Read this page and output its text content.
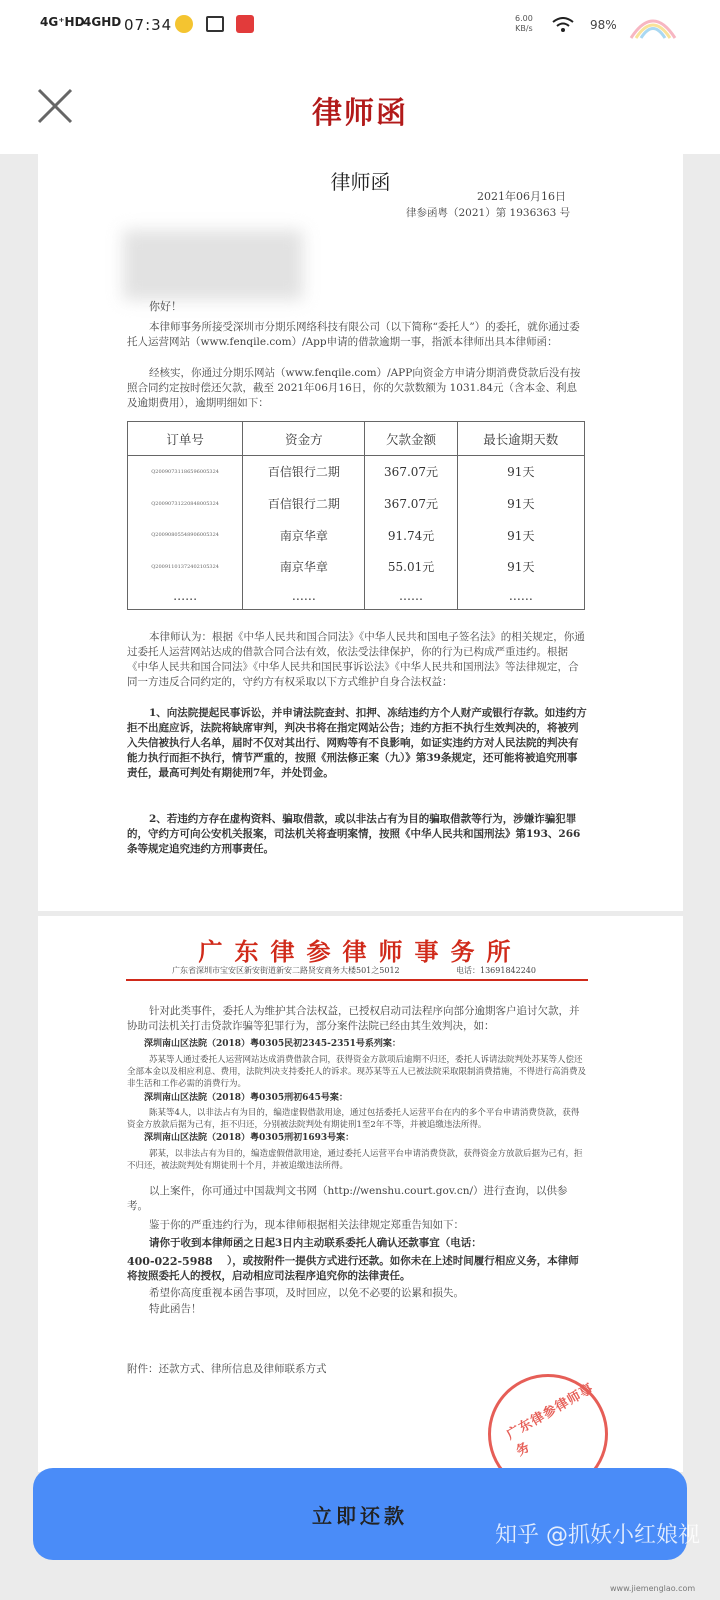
4G⁺HD
4GHD 07:34	6.00
KB/s	98%
律师函
律师函
2021年06月16日
律参函粤（2021）第 1936363 号
你好！
本律师事务所接受深圳市分期乐网络科技有限公司（以下简称“委托人”）的委托，就你通过委托人运营网站（www.fenqile.com）/App申请的借款逾期一事，指派本律师出具本律师函：
经核实，你通过分期乐网站（www.fenqile.com）/APP向资金方申请分期消费贷款后没有按照合同约定按时偿还欠款，截至 2021年06月16日，你的欠款数额为 1031.84元（含本金、利息及逾期费用），逾期明细如下：
订单号	资金方	欠款金额	最长逾期天数
Q20090731186596005324	百信银行二期	367.07元	91天
Q20090731220848005324	百信银行二期	367.07元	91天
Q20090805548906005324	南京华章	91.74元	91天
Q20091101372402105324	南京华章	55.01元	91天
……	……	……	……
本律师认为：根据《中华人民共和国合同法》《中华人民共和国电子签名法》的相关规定，你通过委托人运营网站达成的借款合同合法有效，依法受法律保护，你的行为已构成严重违约。根据《中华人民共和国合同法》《中华人民共和国民事诉讼法》《中华人民共和国刑法》等法律规定，合同一方违反合同约定的，守约方有权采取以下方式维护自身合法权益：
1、向法院提起民事诉讼，并申请法院查封、扣押、冻结违约方个人财产或银行存款。如违约方拒不出庭应诉，法院将缺席审判，判决书将在指定网站公告；违约方拒不执行生效判决的，将被列入失信被执行人名单，届时不仅对其出行、网购等有不良影响，如证实违约方对人民法院的判决有能力执行而拒不执行，情节严重的，按照《刑法修正案（九）》第39条规定，还可能将被追究刑事责任，最高可判处有期徒刑7年，并处罚金。
2、若违约方存在虚构资料、骗取借款，或以非法占有为目的骗取借款等行为，涉嫌诈骗犯罪的，守约方可向公安机关报案，司法机关将查明案情，按照《中华人民共和国刑法》第193、266条等规定追究违约方刑事责任。
广东律参律师事务所
广东省深圳市宝安区新安街道新安二路贤安商务大楼501之5012	电话：13691842240
针对此类事件，委托人为维护其合法权益，已授权启动司法程序向部分逾期客户追讨欠款，并协助司法机关打击贷款诈骗等犯罪行为，部分案件法院已经由其生效判决，如：
深圳南山区法院（2018）粤0305民初2345-2351号系列案：
苏某等人通过委托人运营网站达成消费借款合同，获得资金方款项后逾期不归还，委托人诉请法院判处苏某等人偿还全部本金以及相应利息、费用，法院判决支持委托人的诉求。现苏某等五人已被法院采取限制消费措施，不得进行高消费及非生活和工作必需的消费行为。
深圳南山区法院（2018）粤0305刑初645号案：
陈某等4人，以非法占有为目的，编造虚假借款用途，通过包括委托人运营平台在内的多个平台申请消费贷款，获得资金方放款后据为己有，拒不归还，分别被法院判处有期徒刑1至2年不等，并被追缴违法所得。
深圳南山区法院（2018）粤0305刑初1693号案：
郭某，以非法占有为目的，编造虚假借款用途，通过委托人运营平台申请消费贷款，获得资金方放款后据为己有，拒不归还，被法院判处有期徒刑十个月，并被追缴违法所得。
以上案件，你可通过中国裁判文书网（http://wenshu.court.gov.cn/）进行查询，以供参考。
鉴于你的严重违约行为，现本律师根据相关法律规定郑重告知如下：
请你于收到本律师函之日起3日内主动联系委托人确认还款事宜（电话：
400-022-5988	），或按附件一提供方式进行还款。如你未在上述时间履行相应义务，本律师将按照委托人的授权，启动相应司法程序追究你的法律责任。
希望你高度重视本函告事项，及时回应，以免不必要的讼累和损失。
特此函告！
附件：还款方式、律所信息及律师联系方式
广东律参律师事务
立即还款
知乎 @抓妖小红娘视
www.jiemenglao.com
